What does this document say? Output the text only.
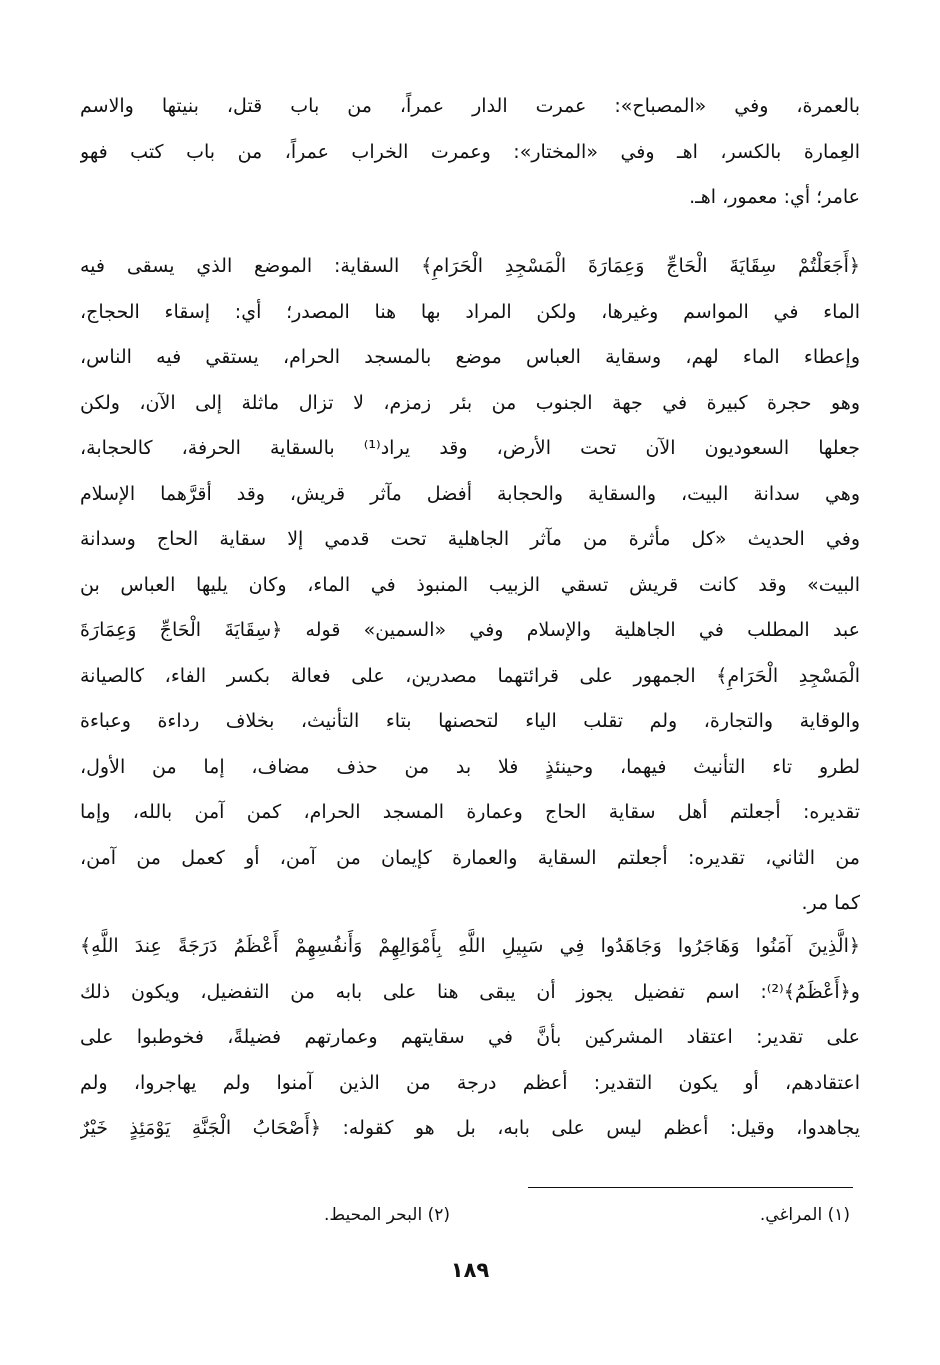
بالعمرة، وفي «المصباح»: عمرت الدار عمراً، من باب قتل، بنيتها والاسم
العِمارة بالكسر، اهـ وفي «المختار»: وعمرت الخراب عمراً، من باب كتب فهو
عامر؛ أي: معمور، اهـ.
﴿أَجَعَلْتُمْ سِقَايَةَ الْحَاجِّ وَعِمَارَةَ الْمَسْجِدِ الْحَرَامِ﴾ السقاية: الموضع الذي يسقى فيه
الماء في المواسم وغيرها، ولكن المراد بها هنا المصدر؛ أي: إسقاء الحجاج،
وإعطاء الماء لهم، وسقاية العباس موضع بالمسجد الحرام، يستقي فيه الناس،
وهو حجرة كبيرة في جهة الجنوب من بئر زمزم، لا تزال ماثلة إلى الآن، ولكن
جعلها السعوديون الآن تحت الأرض، وقد يراد⁽¹⁾ بالسقاية الحرفة، كالحجابة،
وهي سدانة البيت، والسقاية والحجابة أفضل مآثر قريش، وقد أقرَّهما الإسلام
وفي الحديث «كل مأثرة من مآثر الجاهلية تحت قدمي إلا سقاية الحاج وسدانة
البيت» وقد كانت قريش تسقي الزبيب المنبوذ في الماء، وكان يليها العباس بن
عبد المطلب في الجاهلية والإسلام وفي «السمين» قوله ﴿سِقَايَةَ الْحَاجِّ وَعِمَارَةَ
الْمَسْجِدِ الْحَرَامِ﴾ الجمهور على قرائتهما مصدرين، على فعالة بكسر الفاء، كالصيانة
والوقاية والتجارة، ولم تقلب الياء لتحصنها بتاء التأنيث، بخلاف رداءة وعباءة
لطرو تاء التأنيث فيهما، وحينئذٍ فلا بد من حذف مضاف، إما من الأول،
تقديره: أجعلتم أهل سقاية الحاج وعمارة المسجد الحرام، كمن آمن بالله، وإما
من الثاني، تقديره: أجعلتم السقاية والعمارة كإيمان من آمن، أو كعمل من آمن،
كما مر.
﴿الَّذِينَ آمَنُوا وَهَاجَرُوا وَجَاهَدُوا فِي سَبِيلِ اللَّهِ بِأَمْوَالِهِمْ وَأَنفُسِهِمْ أَعْظَمُ دَرَجَةً عِندَ اللَّهِ﴾
و﴿أَعْظَمُ﴾⁽²⁾: اسم تفضيل يجوز أن يبقى هنا على بابه من التفضيل، ويكون ذلك
على تقدير: اعتقاد المشركين بأنَّ في سقايتهم وعمارتهم فضيلةً، فخوطبوا على
اعتقادهم، أو يكون التقدير: أعظم درجة من الذين آمنوا ولم يهاجروا، ولم
يجاهدوا، وقيل: أعظم ليس على بابه، بل هو كقوله: ﴿أَصْحَابُ الْجَنَّةِ يَوْمَئِذٍ خَيْرٌ
(١) المراغي.
(٢) البحر المحيط.
١٨٩
